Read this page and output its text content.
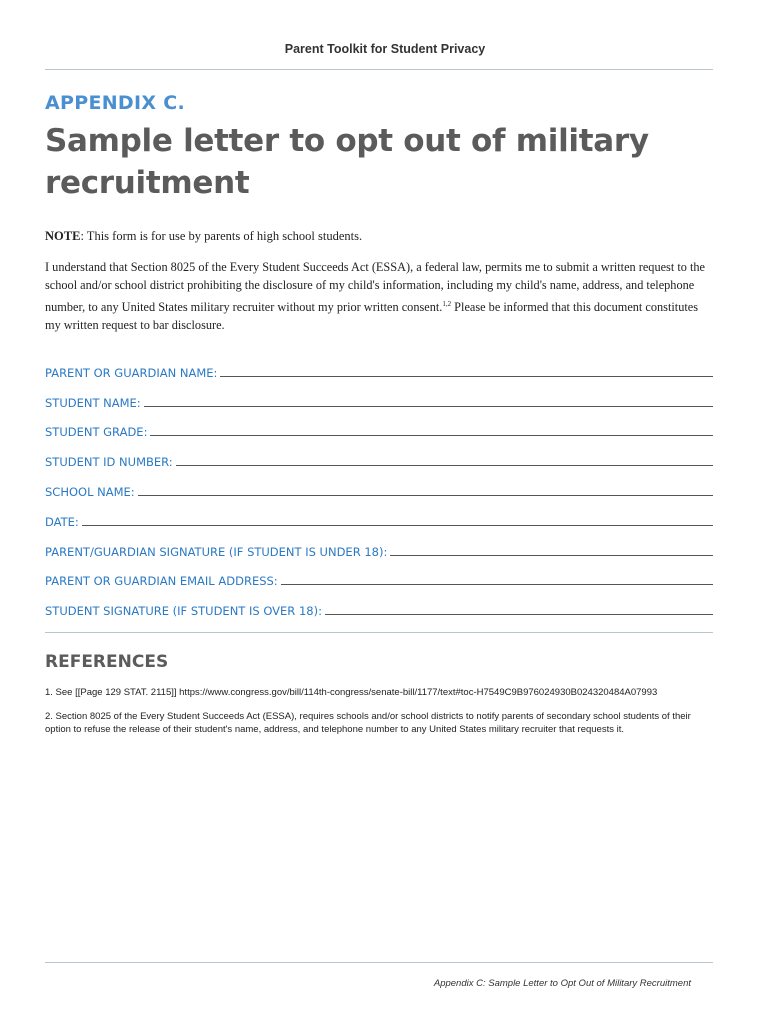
Parent Toolkit for Student Privacy
APPENDIX C.
Sample letter to opt out of military recruitment
NOTE: This form is for use by parents of high school students.
I understand that Section 8025 of the Every Student Succeeds Act (ESSA), a federal law, permits me to submit a written request to the school and/or school district prohibiting the disclosure of my child's information, including my child's name, address, and telephone number, to any United States military recruiter without my prior written consent.$^{1,2}$ Please be informed that this document constitutes my written request to bar disclosure.
PARENT OR GUARDIAN NAME:
STUDENT NAME:
STUDENT GRADE:
STUDENT ID NUMBER:
SCHOOL NAME:
DATE:
PARENT/GUARDIAN SIGNATURE (IF STUDENT IS UNDER 18):
PARENT OR GUARDIAN EMAIL ADDRESS:
STUDENT SIGNATURE (IF STUDENT IS OVER 18):
REFERENCES
1. See [[Page 129 STAT. 2115]] https://www.congress.gov/bill/114th-congress/senate-bill/1177/text#toc-H7549C9B976024930B024320484A07993
2. Section 8025 of the Every Student Succeeds Act (ESSA), requires schools and/or school districts to notify parents of secondary school students of their option to refuse the release of their student's name, address, and telephone number to any United States military recruiter that requests it.
Appendix C: Sample Letter to Opt Out of Military Recruitment
